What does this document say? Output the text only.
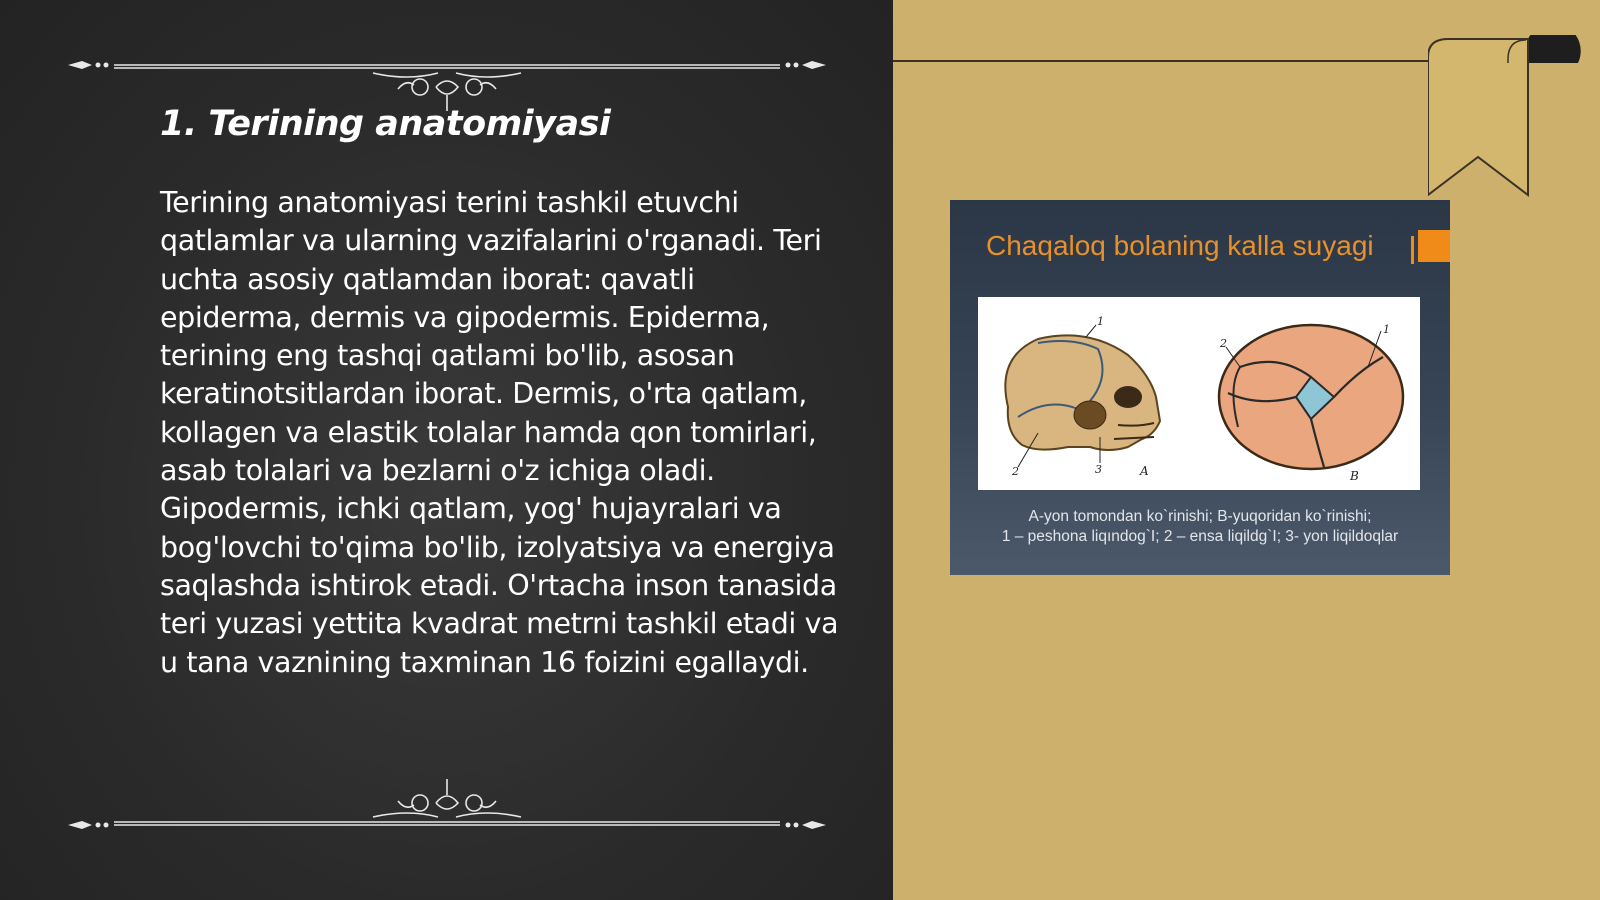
1. Terining anatomiyasi

Terining anatomiyasi terini tashkil etuvchi qatlamlar va ularning vazifalarini o'rganadi. Teri uchta asosiy qatlamdan iborat: qavatli epiderma, dermis va gipodermis. Epiderma, terining eng tashqi qatlami bo'lib, asosan keratinotsitlardan iborat. Dermis, o'rta qatlam, kollagen va elastik tolalar hamda qon tomirlari, asab tolalari va bezlarni o'z ichiga oladi. Gipodermis, ichki qatlam, yog' hujayralari va bog'lovchi to'qima bo'lib, izolyatsiya va energiya saqlashda ishtirok etadi. O'rtacha inson tanasida teri yuzasi yettita kvadrat metrni tashkil etadi va u tana vaznining taxminan 16 foizini egallaydi.

Chaqaloq bolaning kalla suyagi
1
2	3	A
1
2
B
A-yon tomondan ko`rinishi; B-yuqoridan ko`rinishi;
1 – peshona liqındog`I; 2 – ensa liqildg`I; 3- yon liqildoqlar
